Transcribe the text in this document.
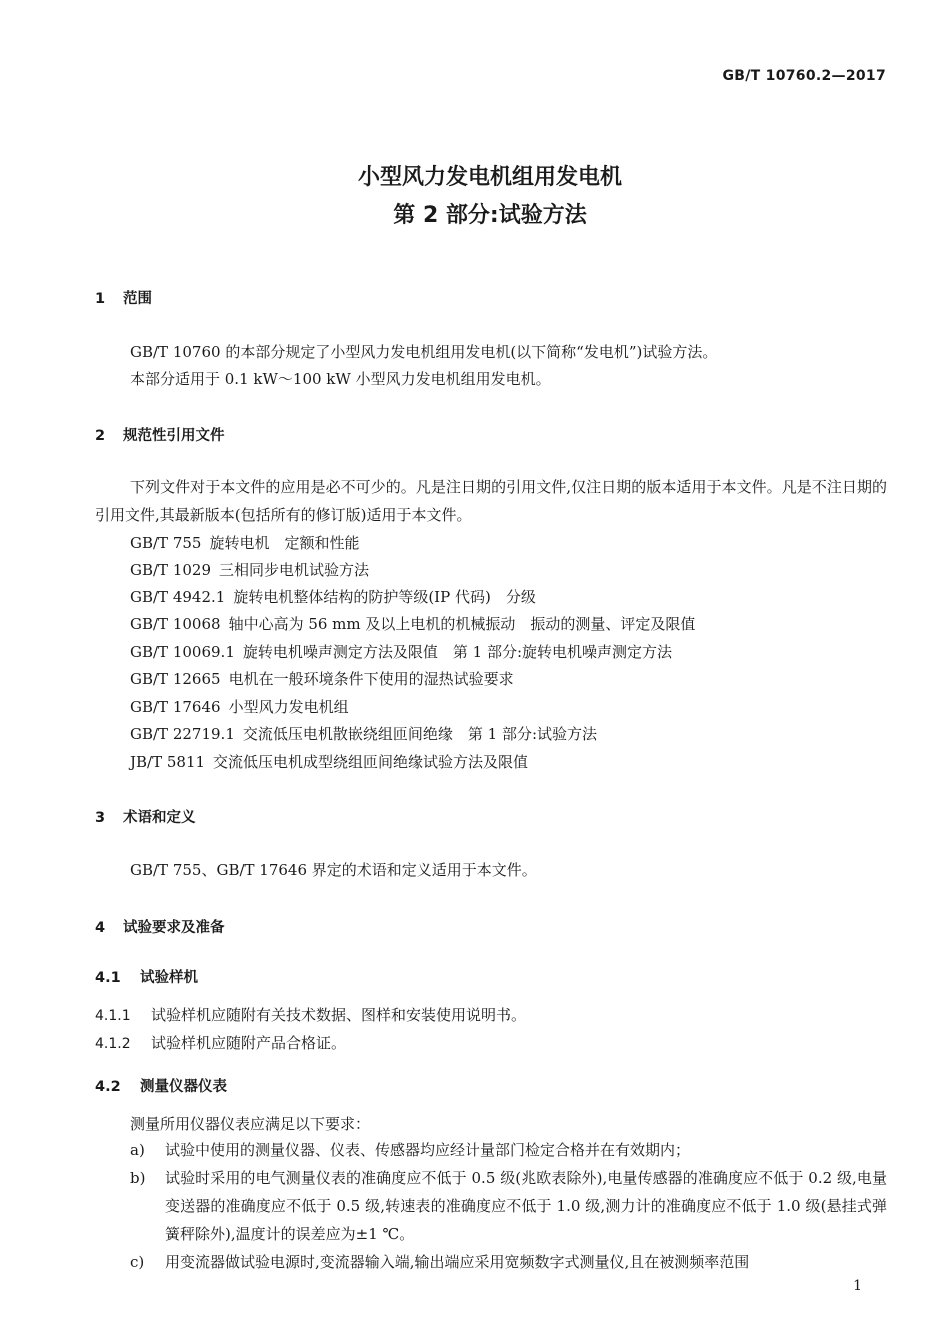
GB/T 10760.2—2017
小型风力发电机组用发电机
第 2 部分:试验方法
1 范围
GB/T 10760 的本部分规定了小型风力发电机组用发电机(以下简称“发电机”)试验方法。
本部分适用于 0.1 kW～100 kW 小型风力发电机组用发电机。
2 规范性引用文件
下列文件对于本文件的应用是必不可少的。凡是注日期的引用文件,仅注日期的版本适用于本文件。凡是不注日期的引用文件,其最新版本(包括所有的修订版)适用于本文件。
GB/T 755 旋转电机　定额和性能
GB/T 1029 三相同步电机试验方法
GB/T 4942.1 旋转电机整体结构的防护等级(IP 代码)　分级
GB/T 10068 轴中心高为 56 mm 及以上电机的机械振动　振动的测量、评定及限值
GB/T 10069.1 旋转电机噪声测定方法及限值　第 1 部分:旋转电机噪声测定方法
GB/T 12665 电机在一般环境条件下使用的湿热试验要求
GB/T 17646 小型风力发电机组
GB/T 22719.1 交流低压电机散嵌绕组匝间绝缘　第 1 部分:试验方法
JB/T 5811 交流低压电机成型绕组匝间绝缘试验方法及限值
3 术语和定义
GB/T 755、GB/T 17646 界定的术语和定义适用于本文件。
4 试验要求及准备
4.1 试验样机
4.1.1 试验样机应随附有关技术数据、图样和安装使用说明书。
4.1.2 试验样机应随附产品合格证。
4.2 测量仪器仪表
测量所用仪器仪表应满足以下要求：
a) 试验中使用的测量仪器、仪表、传感器均应经计量部门检定合格并在有效期内；
b) 试验时采用的电气测量仪表的准确度应不低于 0.5 级(兆欧表除外),电量传感器的准确度应不低于 0.2 级,电量变送器的准确度应不低于 0.5 级,转速表的准确度应不低于 1.0 级,测力计的准确度应不低于 1.0 级(悬挂式弹簧秤除外),温度计的误差应为±1 ℃。
c) 用变流器做试验电源时,变流器输入端,输出端应采用宽频数字式测量仪,且在被测频率范围
1
